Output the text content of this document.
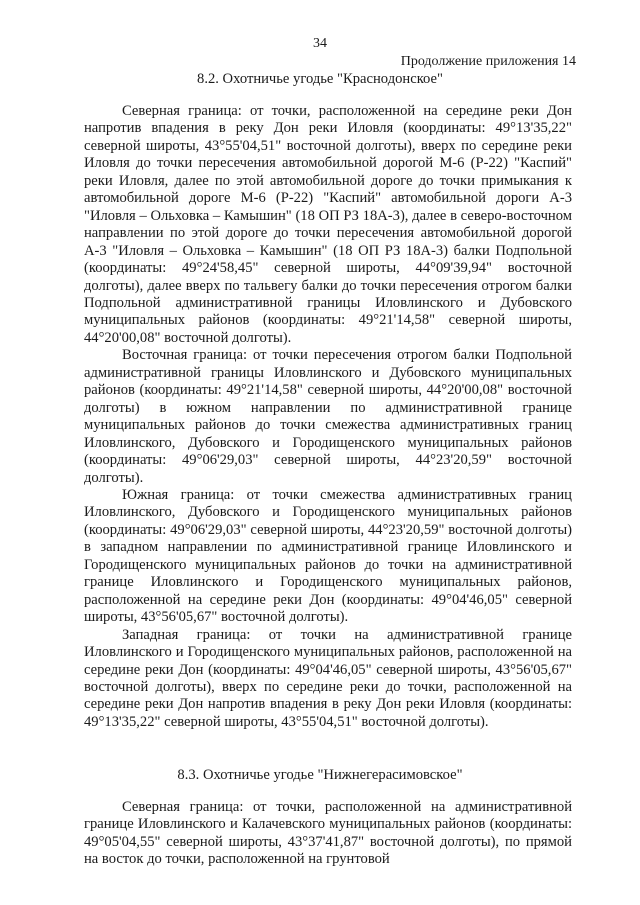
34
Продолжение приложения 14
8.2. Охотничье угодье "Краснодонское"

Северная граница: от точки, расположенной на середине реки Дон напротив впадения в реку Дон реки Иловля (координаты: 49°13'35,22" северной широты, 43°55'04,51" восточной долготы), вверх по середине реки Иловля до точки пересечения автомобильной дорогой М-6 (Р-22) "Каспий" реки Иловля, далее по этой автомобильной дороге до точки примыкания к автомобильной дороге М-6 (Р-22) "Каспий" автомобильной дороги А-3 "Иловля – Ольховка – Камышин" (18 ОП РЗ 18А-3), далее в северо-восточном направлении по этой дороге до точки пересечения автомобильной дорогой А-3 "Иловля – Ольховка – Камышин" (18 ОП РЗ 18А-3) балки Подпольной (координаты: 49°24'58,45" северной широты, 44°09'39,94" восточной долготы), далее вверх по тальвегу балки до точки пересечения отрогом балки Подпольной административной границы Иловлинского и Дубовского муниципальных районов (координаты: 49°21'14,58" северной широты, 44°20'00,08" восточной долготы).

Восточная граница: от точки пересечения отрогом балки Подпольной административной границы Иловлинского и Дубовского муниципальных районов (координаты: 49°21'14,58" северной широты, 44°20'00,08" восточной долготы) в южном направлении по административной границе муниципальных районов до точки смежества административных границ Иловлинского, Дубовского и Городищенского муниципальных районов (координаты: 49°06'29,03" северной широты, 44°23'20,59" восточной долготы).

Южная граница: от точки смежества административных границ Иловлинского, Дубовского и Городищенского муниципальных районов (координаты: 49°06'29,03" северной широты, 44°23'20,59" восточной долготы) в западном направлении по административной границе Иловлинского и Городищенского муниципальных районов до точки на административной границе Иловлинского и Городищенского муниципальных районов, расположенной на середине реки Дон (координаты: 49°04'46,05" северной широты, 43°56'05,67" восточной долготы).

Западная граница: от точки на административной границе Иловлинского и Городищенского муниципальных районов, расположенной на середине реки Дон (координаты: 49°04'46,05" северной широты, 43°56'05,67" восточной долготы), вверх по середине реки до точки, расположенной на середине реки Дон напротив впадения в реку Дон реки Иловля (координаты: 49°13'35,22" северной широты, 43°55'04,51" восточной долготы).

8.3. Охотничье угодье "Нижнегерасимовское"

Северная граница: от точки, расположенной на административной границе Иловлинского и Калачевского муниципальных районов (координаты: 49°05'04,55" северной широты, 43°37'41,87" восточной долготы), по прямой на восток до точки, расположенной на грунтовой
